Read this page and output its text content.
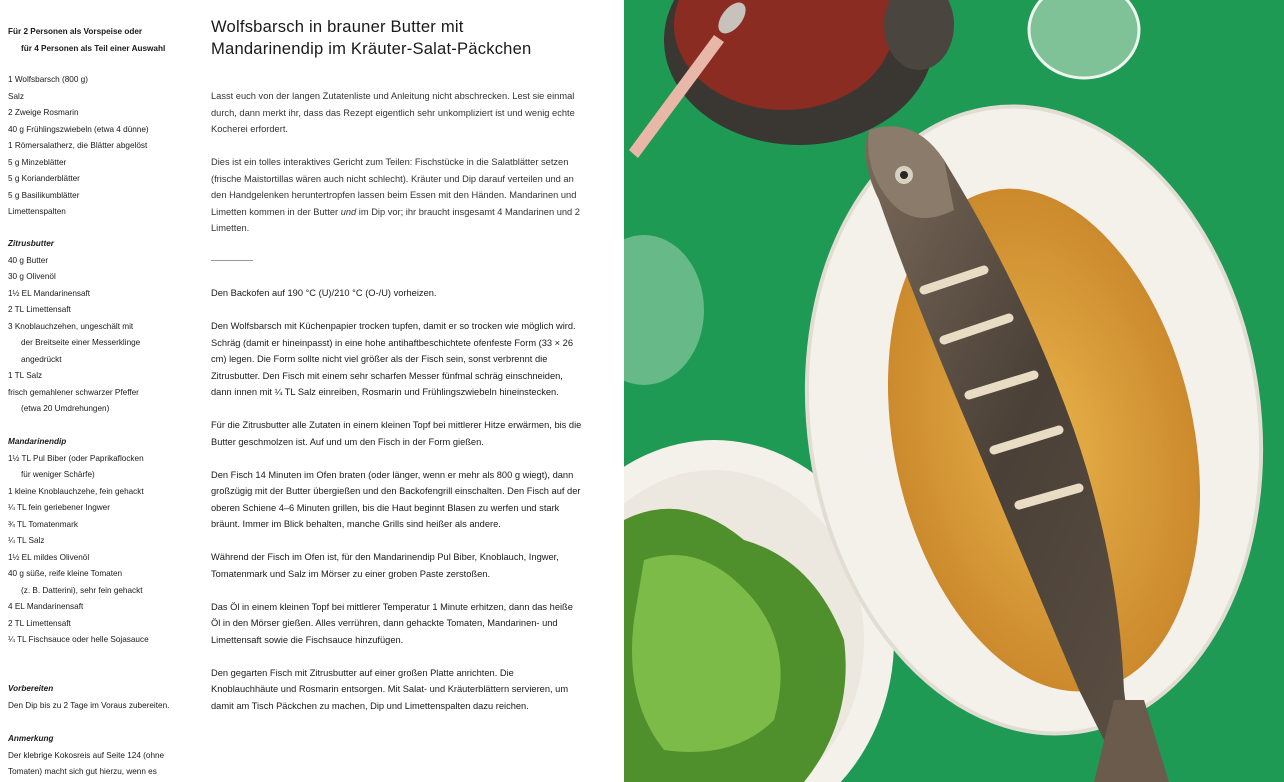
Für 2 Personen als Vorspeise oder
für 4 Personen als Teil einer Auswahl
1 Wolfsbarsch (800 g)
Salz
2 Zweige Rosmarin
40 g Frühlingszwiebeln (etwa 4 dünne)
1 Römersalatherz, die Blätter abgelöst
5 g Minzeblätter
5 g Korianderblätter
5 g Basilikumblätter
Limettenspalten
Zitrusbutter
40 g Butter
30 g Olivenöl
1½ EL Mandarinensaft
2 TL Limettensaft
3 Knoblauchzehen, ungeschält mit
der Breitseite einer Messerklinge
angedrückt
1 TL Salz
frisch gemahlener schwarzer Pfeffer
(etwa 20 Umdrehungen)
Mandarinendip
1½ TL Pul Biber (oder Paprikaflocken
für weniger Schärfe)
1 kleine Knoblauchzehe, fein gehackt
¼ TL fein geriebener Ingwer
¾ TL Tomatenmark
¼ TL Salz
1½ EL mildes Olivenöl
40 g süße, reife kleine Tomaten
(z. B. Datterini), sehr fein gehackt
4 EL Mandarinensaft
2 TL Limettensaft
¼ TL Fischsauce oder helle Sojasauce
Vorbereiten
Den Dip bis zu 2 Tage im Voraus zubereiten.
Anmerkung
Der klebrige Kokosreis auf Seite 124 (ohne
Tomaten) macht sich gut hierzu, wenn es
Wolfsbarsch in brauner Butter mit
Mandarinendip im Kräuter-Salat-Päckchen

Lasst euch von der langen Zutatenliste und Anleitung nicht abschrecken. Lest sie einmal durch, dann merkt ihr, dass das Rezept eigentlich sehr unkompliziert ist und wenig echte Kocherei erfordert.

Dies ist ein tolles interaktives Gericht zum Teilen: Fischstücke in die Salatblätter setzen (frische Maistortillas wären auch nicht schlecht). Kräuter und Dip darauf verteilen und an den Handgelenken heruntertropfen lassen beim Essen mit den Händen. Mandarinen und Limetten kommen in der Butter und im Dip vor; ihr braucht insgesamt 4 Mandarinen und 2 Limetten.

Den Backofen auf 190 °C (U)/210 °C (O-/U) vorheizen.

Den Wolfsbarsch mit Küchenpapier trocken tupfen, damit er so trocken wie möglich wird. Schräg (damit er hineinpasst) in eine hohe antihaftbeschichtete ofenfeste Form (33 × 26 cm) legen. Die Form sollte nicht viel größer als der Fisch sein, sonst verbrennt die Zitrusbutter. Den Fisch mit einem sehr scharfen Messer fünfmal schräg einschneiden, dann innen mit ¼ TL Salz einreiben, Rosmarin und Frühlingszwiebeln hineinstecken.

Für die Zitrusbutter alle Zutaten in einem kleinen Topf bei mittlerer Hitze erwärmen, bis die Butter geschmolzen ist. Auf und um den Fisch in der Form gießen.

Den Fisch 14 Minuten im Ofen braten (oder länger, wenn er mehr als 800 g wiegt), dann großzügig mit der Butter übergießen und den Backofengrill einschalten. Den Fisch auf der oberen Schiene 4–6 Minuten grillen, bis die Haut beginnt Blasen zu werfen und stark bräunt. Immer im Blick behalten, manche Grills sind heißer als andere.

Während der Fisch im Ofen ist, für den Mandarinendip Pul Biber, Knoblauch, Ingwer, Tomatenmark und Salz im Mörser zu einer groben Paste zerstoßen.

Das Öl in einem kleinen Topf bei mittlerer Temperatur 1 Minute erhitzen, dann das heiße Öl in den Mörser gießen. Alles verrühren, dann gehackte Tomaten, Mandarinen- und Limettensaft sowie die Fischsauce hinzufügen.

Den gegarten Fisch mit Zitrusbutter auf einer großen Platte anrichten. Die Knoblauchhäute und Rosmarin entsorgen. Mit Salat- und Kräuterblättern servieren, um damit am Tisch Päckchen zu machen, Dip und Limettenspalten dazu reichen.
